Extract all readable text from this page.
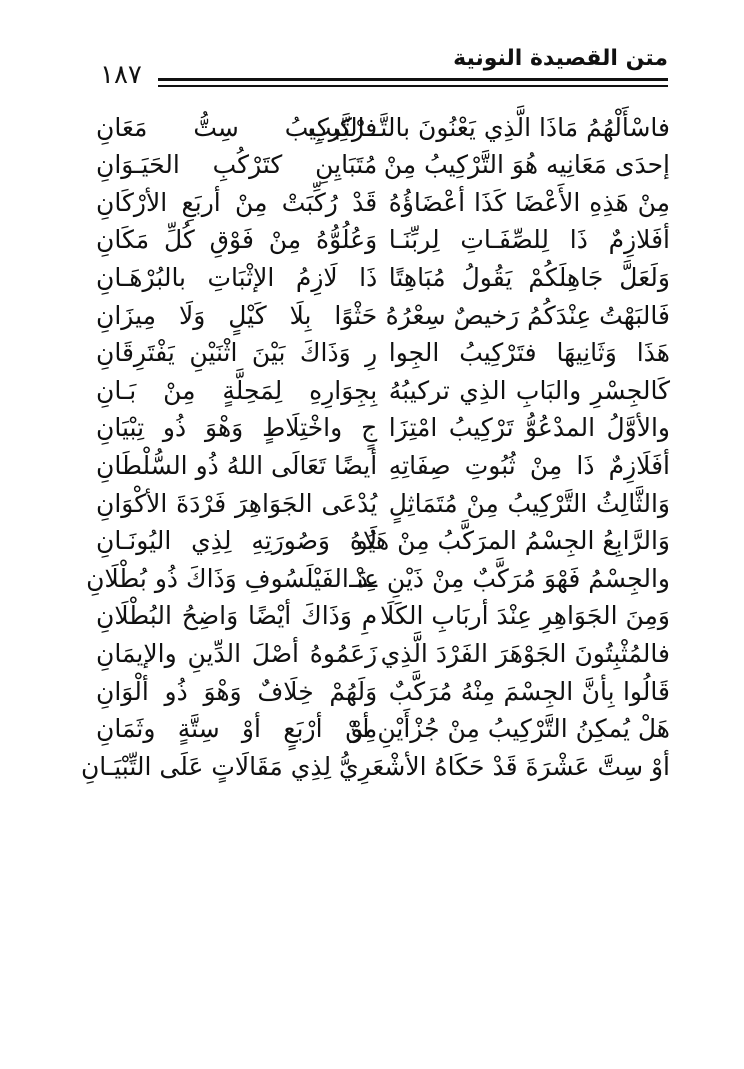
متن القصيدة النونية
١٨٧
فاسْأَلْهُمُ مَاذَا الَّذِي يَعْنُونَ بالتَّــرْكِيبِ
فالتَّركِيبُ سِتُّ مَعَانِ
إحدَى مَعَانِيه هُوَ التَّرْكِيبُ مِنْ
مُتَبَايِنِ كتَرْكُبِ الحَيَـوَانِ
مِنْ هَذِهِ الأَعْضَا كَذَا أعْضَاؤُهُ
قَدْ رُكِّبَتْ مِنْ أربَعِ الأرْكَانِ
أفَلازِمٌ ذَا لِلصِّفَـاتِ لِربِّنَـا
وَعُلُوُّهُ مِنْ فَوْقِ كُلِّ مَكَانِ
وَلَعَلَّ جَاهِلَكُمْ يَقُولُ مُبَاهِتًا
ذَا لَازِمُ الإثْبَاتِ بالبُرْهَـانِ
فَالبَهْتُ عِنْدَكُمُ رَخيصٌ سِعْرُهُ
حَثْوًا بِلَا كَيْلٍ وَلَا مِيزَانِ
هَذَا وَثَانِيهَا فتَرْكِيبُ الجِوا
رِ وَذَاكَ بَيْنَ اثْنَيْنِ يَفْتَرِقَانِ
كَالجِسْرِ والبَابِ الذِي تركيبُهُ
بِجِوَارِهِ لِمَحِلَّةٍ مِنْ بَـانِ
والأوَّلُ المدْعُوُّ تَرْكِيبُ امْتِزَا
جٍ واخْتِلَاطٍ وَهْوَ ذُو تِبْيَانِ
أفَلَازِمٌ ذَا مِنْ ثُبُوتِ صِفَاتِهِ
أيضًا تَعَالَى اللهُ ذُو السُّلْطَانِ
وَالثَّالِثُ التَّرْكِيبُ مِنْ مُتَمَاثِلٍ
يُدْعَى الجَوَاهِرَ فَرْدَةَ الأكْوَانِ
وَالرَّابِعُ الجِسْمُ المرَكَّبُ مِنْ هَيُو
لَاهُ وَصُورَتِهِ لِذِي اليُونَـانِ
والجِسْمُ فَهْوَ مُرَكَّبٌ مِنْ ذَيْنِ عِنْـ
ـدَ الفَيْلَسُوفِ وَذَاكَ ذُو بُطْلَانِ
وَمِنَ الجَوَاهِرِ عِنْدَ أربَابِ الكَلَا
مِ وَذَاكَ أيْضًا وَاضِحُ البُطْلَانِ
فالمُثْبِتُونَ الجَوْهَرَ الفَرْدَ الَّذِي
زَعَمُوهُ أصْلَ الدِّينِ والإيمَانِ
قَالُوا بِأنَّ الجِسْمَ مِنْهُ مُرَكَّبٌ
وَلَهُمْ خِلَافٌ وَهْوَ ذُو ألْوَانِ
هَلْ يُمكِنُ التَّرْكِيبُ مِنْ جُزْأَيْنِ أوْ
مِنْ أرْبَعٍ أوْ سِتَّةٍ وثَمَانِ
أوْ سِتَّ عَشْرَةَ قَدْ حَكَاهُ الأشْعَرِيُّ لِذِي مَقَالَاتٍ عَلَى التِّبْيَـانِ
